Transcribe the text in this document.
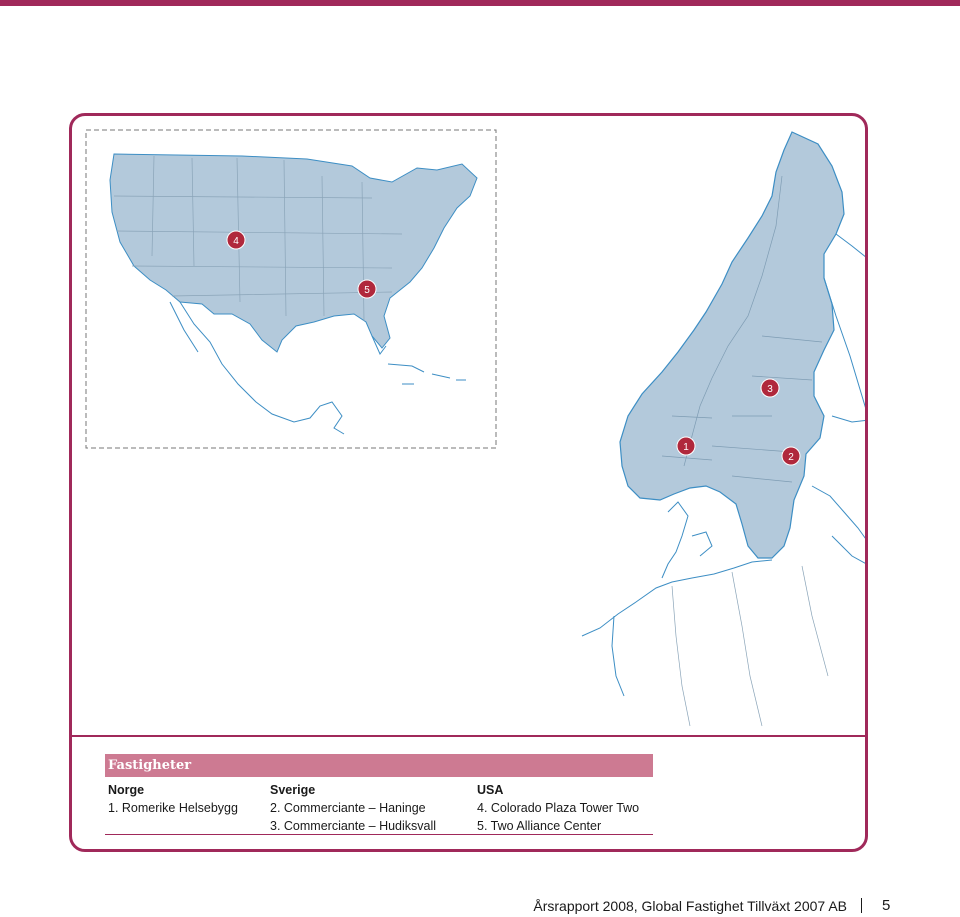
1
2
3
4
5
Fastigheter
Norge
1. Romerike Helsebygg
Sverige
2. Commerciante – Haninge
3. Commerciante – Hudiksvall
USA
4. Colorado Plaza Tower Two
5. Two Alliance Center
Årsrapport 2008, Global Fastighet Tillväxt 2007 AB 5
